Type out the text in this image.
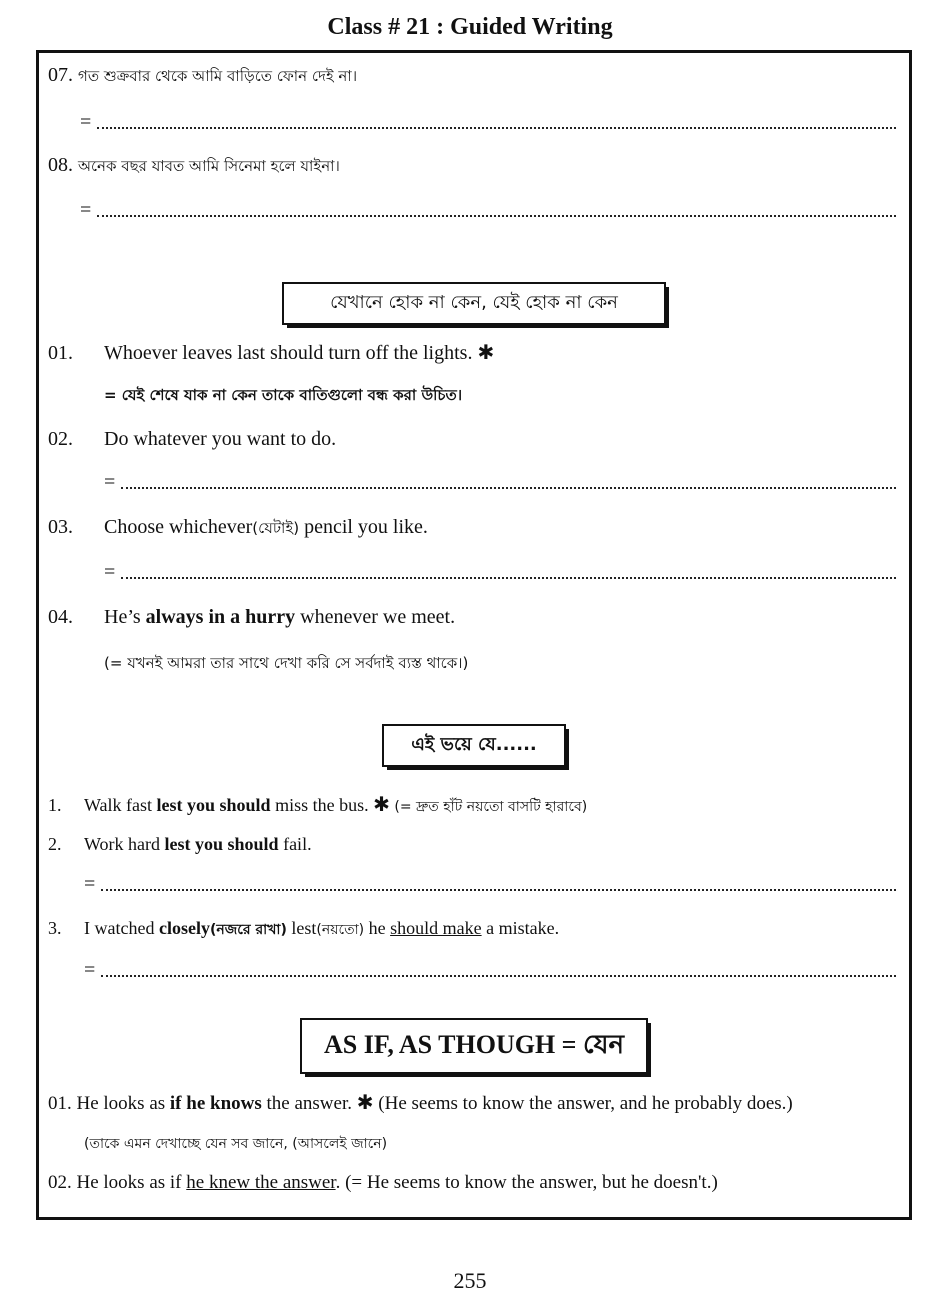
Class # 21 : Guided Writing
07. গত শুক্রবার থেকে আমি বাড়িতে ফোন দেই না।
=
08. অনেক বছর যাবত আমি সিনেমা হলে যাইনা।
=
যেখানে হোক না কেন, যেই হোক না কেন
01. Whoever leaves last should turn off the lights. ✱
= যেই শেষে যাক না কেন তাকে বাতিগুলো বন্ধ করা উচিত।
02. Do whatever you want to do.
=
03. Choose whichever(যেটাই) pencil you like.
=
04. He’s always in a hurry whenever we meet.
(= যখনই আমরা তার সাথে দেখা করি সে সর্বদাই ব্যস্ত থাকে।)
এই ভয়ে যে......
1. Walk fast lest you should miss the bus. ✱ (= দ্রুত হাঁট নয়তো বাসটি হারাবে)
2. Work hard lest you should fail.
=
3. I watched closely(নজরে রাখা) lest(নয়তো) he should make a mistake.
=
AS IF, AS THOUGH = যেন
01. He looks as if he knows the answer. ✱ (He seems to know the answer, and he probably does.)
(তাকে এমন দেখাচ্ছে যেন সব জানে, (আসলেই জানে)
02. He looks as if he knew the answer. (= He seems to know the answer, but he doesn't.)
255
